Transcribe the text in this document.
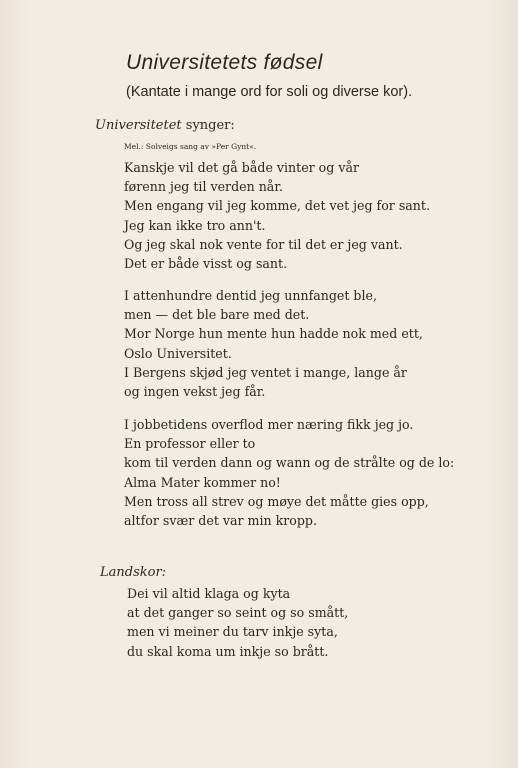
Universitetets fødsel

(Kantate i mange ord for soli og diverse kor).

Universitetet synger:

Mel.: Solveigs sang av »Per Gynt«.

Kanskje vil det gå både vinter og vår
førenn jeg til verden når.
Men engang vil jeg komme, det vet jeg for sant.
Jeg kan ikke tro ann't.
Og jeg skal nok vente for til det er jeg vant.
Det er både visst og sant.
I attenhundre dentid jeg unnfanget ble,
men — det ble bare med det.
Mor Norge hun mente hun hadde nok med ett,
Oslo Universitet.
I Bergens skjød jeg ventet i mange, lange år
og ingen vekst jeg får.
I jobbetidens overflod mer næring fikk jeg jo.
En professor eller to
kom til verden dann og wann og de strålte og de lo:
Alma Mater kommer no!
Men tross all strev og møye det måtte gies opp,
altfor svær det var min kropp.

Landskor:

Dei vil altid klaga og kyta
at det ganger so seint og so smått,
men vi meiner du tarv inkje syta,
du skal koma um inkje so brått.
